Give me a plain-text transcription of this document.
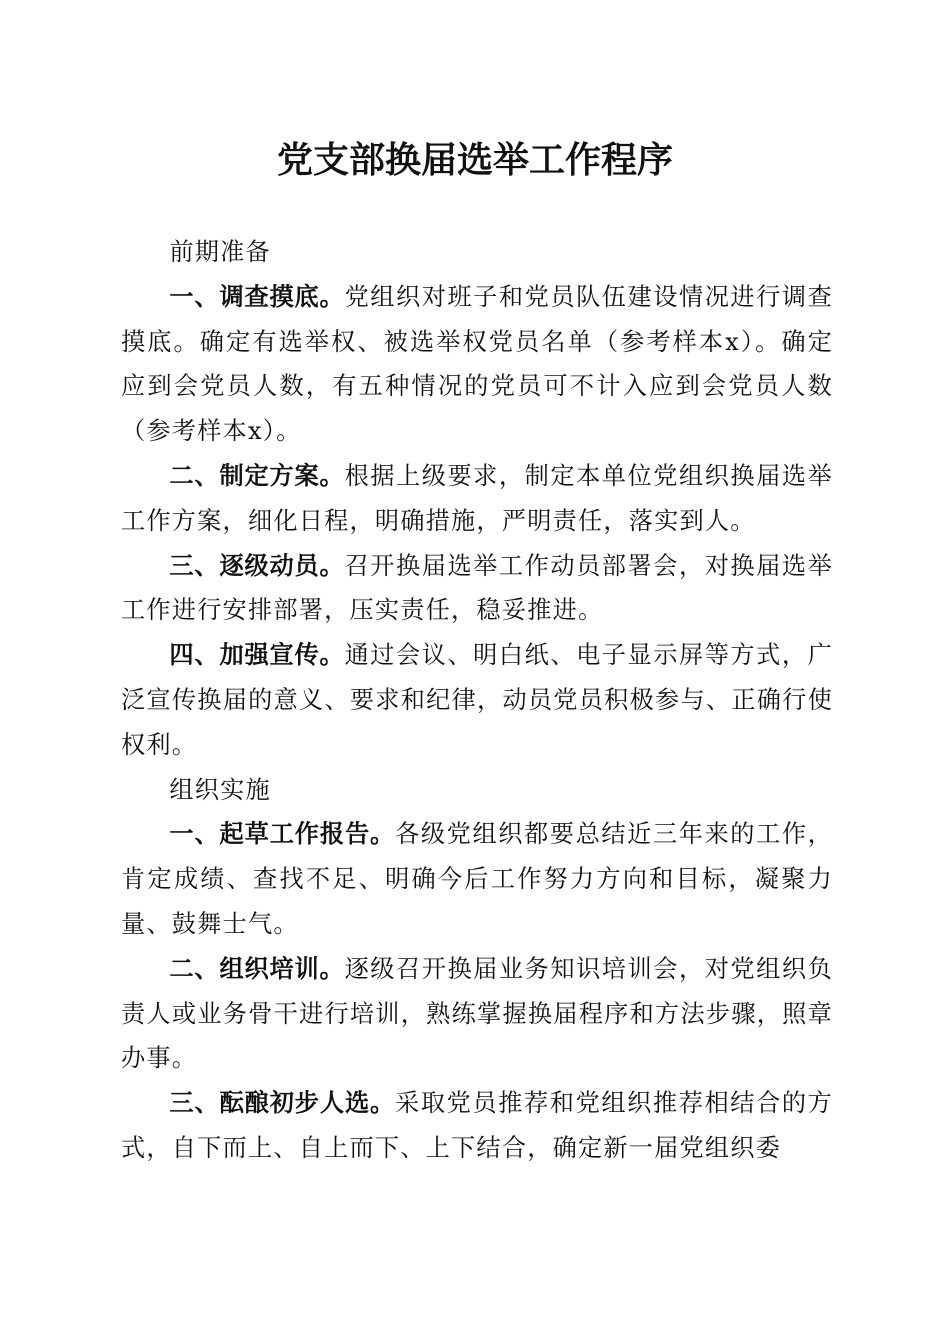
党支部换届选举工作程序

前期准备

一、调查摸底。党组织对班子和党员队伍建设情况进行调查摸底。确定有选举权、被选举权党员名单（参考样本x）。确定应到会党员人数，有五种情况的党员可不计入应到会党员人数（参考样本x）。

二、制定方案。根据上级要求，制定本单位党组织换届选举工作方案，细化日程，明确措施，严明责任，落实到人。

三、逐级动员。召开换届选举工作动员部署会，对换届选举工作进行安排部署，压实责任，稳妥推进。

四、加强宣传。通过会议、明白纸、电子显示屏等方式，广泛宣传换届的意义、要求和纪律，动员党员积极参与、正确行使权利。

组织实施

一、起草工作报告。各级党组织都要总结近三年来的工作，肯定成绩、查找不足、明确今后工作努力方向和目标，凝聚力量、鼓舞士气。

二、组织培训。逐级召开换届业务知识培训会，对党组织负责人或业务骨干进行培训，熟练掌握换届程序和方法步骤，照章办事。

三、酝酿初步人选。采取党员推荐和党组织推荐相结合的方式，自下而上、自上而下、上下结合，确定新一届党组织委
